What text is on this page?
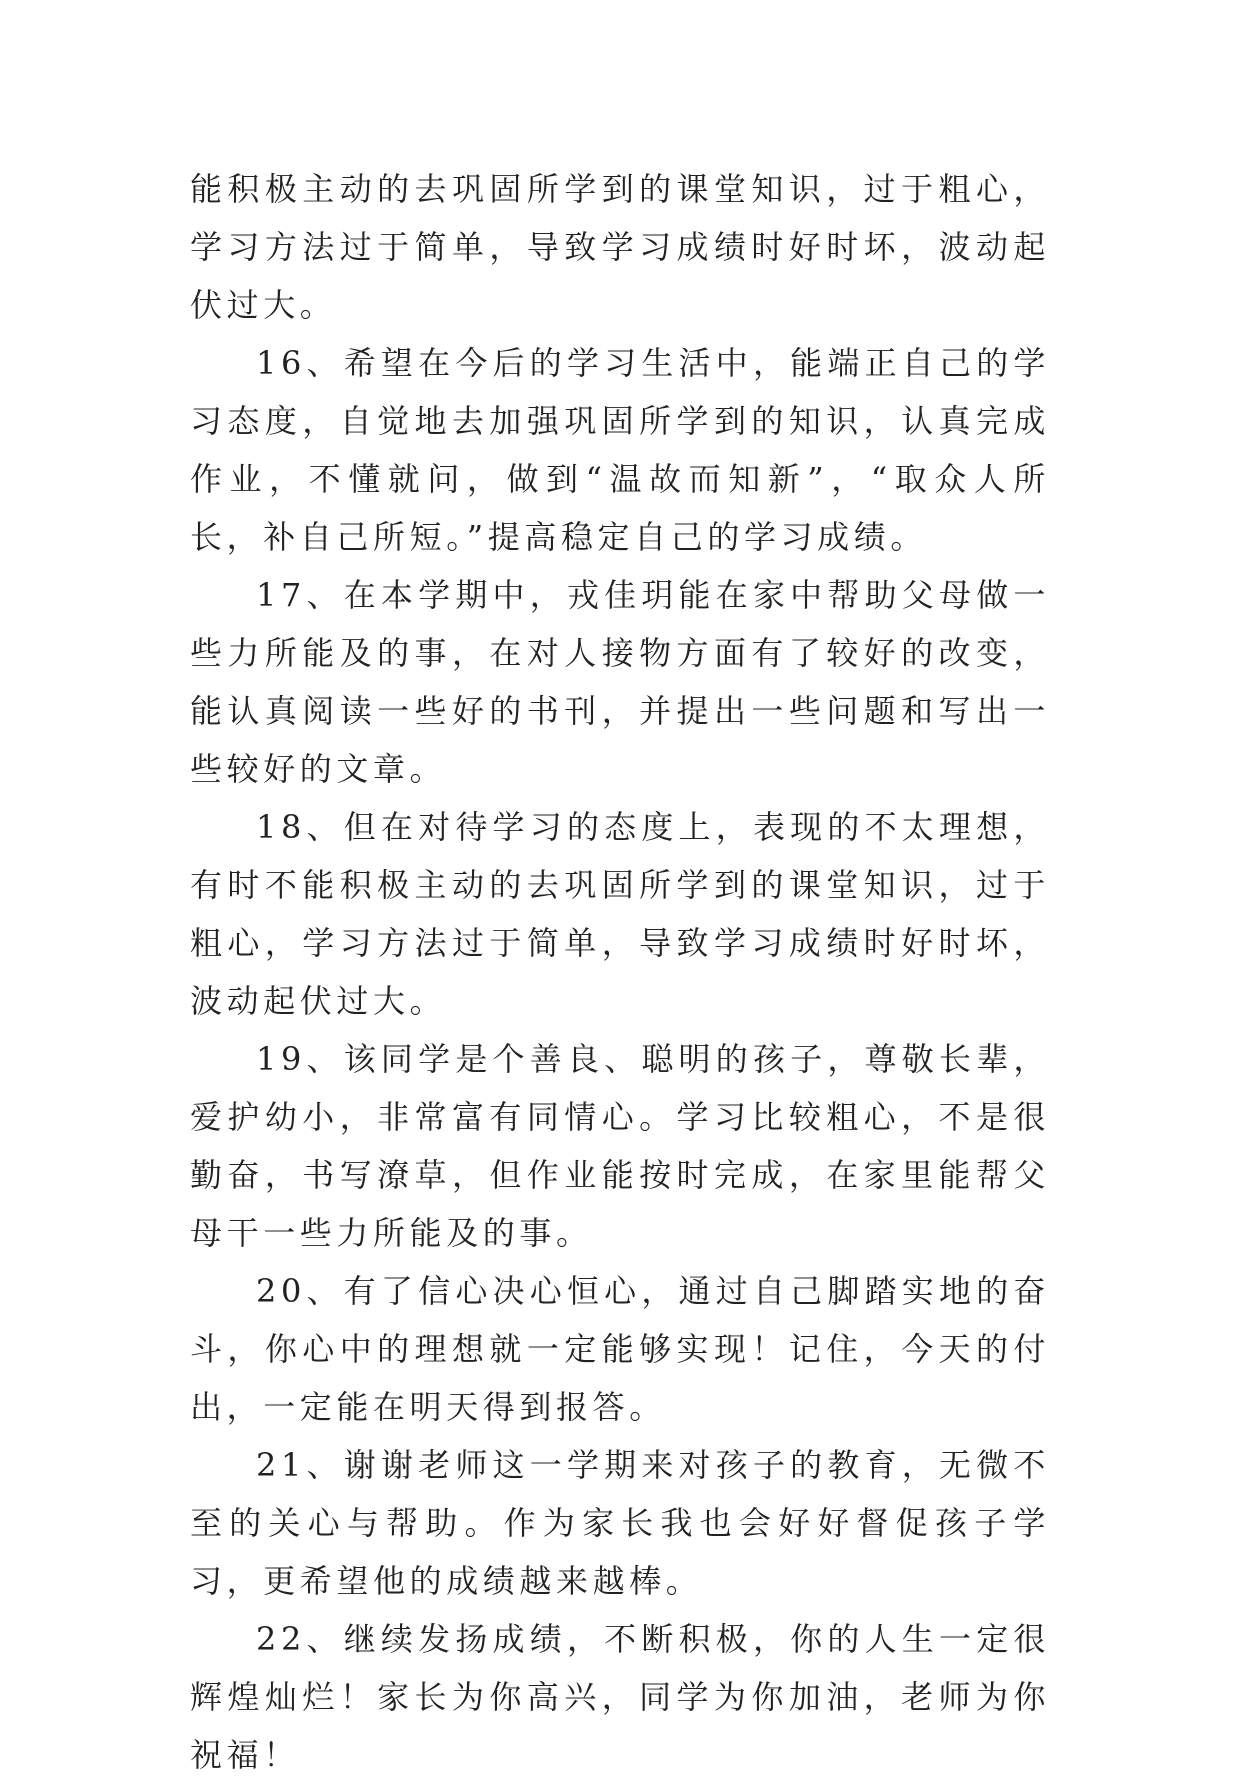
能积极主动的去巩固所学到的课堂知识，过于粗心，学习方法过于简单，导致学习成绩时好时坏，波动起伏过大。

16、希望在今后的学习生活中，能端正自己的学习态度，自觉地去加强巩固所学到的知识，认真完成作业，不懂就问，做到“温故而知新”，“取众人所长，补自己所短。”提高稳定自己的学习成绩。

17、在本学期中，戎佳玥能在家中帮助父母做一些力所能及的事，在对人接物方面有了较好的改变，能认真阅读一些好的书刊，并提出一些问题和写出一些较好的文章。

18、但在对待学习的态度上，表现的不太理想，有时不能积极主动的去巩固所学到的课堂知识，过于粗心，学习方法过于简单，导致学习成绩时好时坏，波动起伏过大。

19、该同学是个善良、聪明的孩子，尊敬长辈，爱护幼小，非常富有同情心。学习比较粗心，不是很勤奋，书写潦草，但作业能按时完成，在家里能帮父母干一些力所能及的事。

20、有了信心决心恒心，通过自己脚踏实地的奋斗，你心中的理想就一定能够实现！记住，今天的付出，一定能在明天得到报答。

21、谢谢老师这一学期来对孩子的教育，无微不至的关心与帮助。作为家长我也会好好督促孩子学习，更希望他的成绩越来越棒。

22、继续发扬成绩，不断积极，你的人生一定很辉煌灿烂！家长为你高兴，同学为你加油，老师为你祝福！
